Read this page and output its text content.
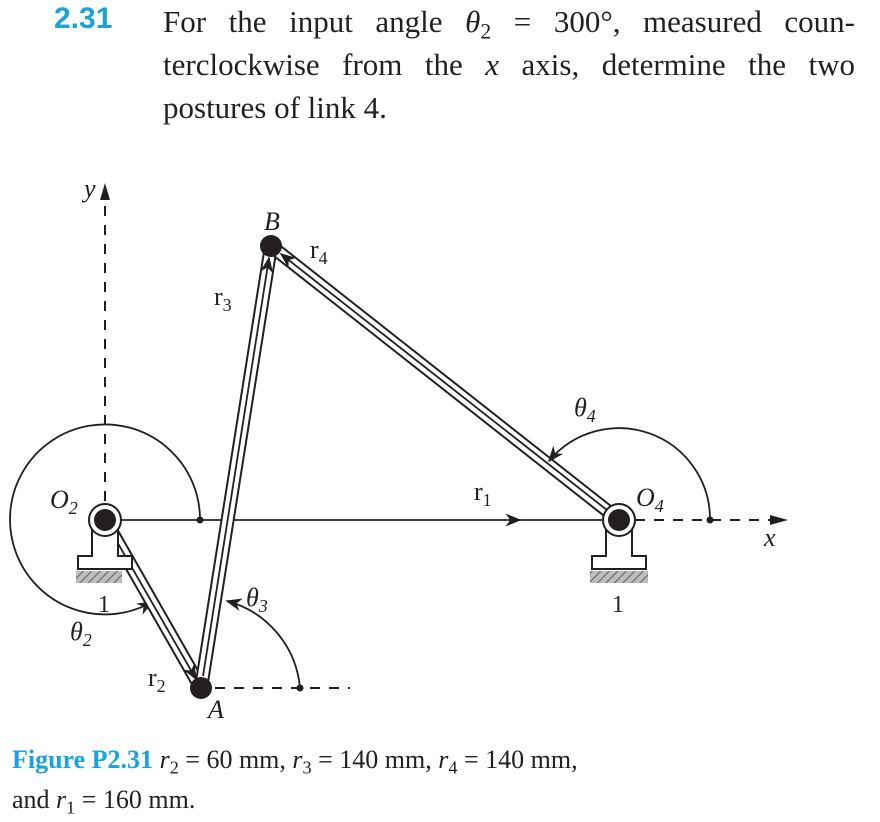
2.31 For the input angle $\theta_2 = 300^\circ$, measured coun-
terclockwise from the x axis, determine the two
postures of link 4.
y
x
$r_1$
$\theta_2$
$r_2$
$r_3$
$r_4$
$\theta_3$
$\theta_4$
1	1
$O_2$	$O_4$
A
B
Figure P2.31 $r_2 = 60$ mm, $r_3 = 140$ mm, $r_4 = 140$ mm,
and $r_1 = 160$ mm.
